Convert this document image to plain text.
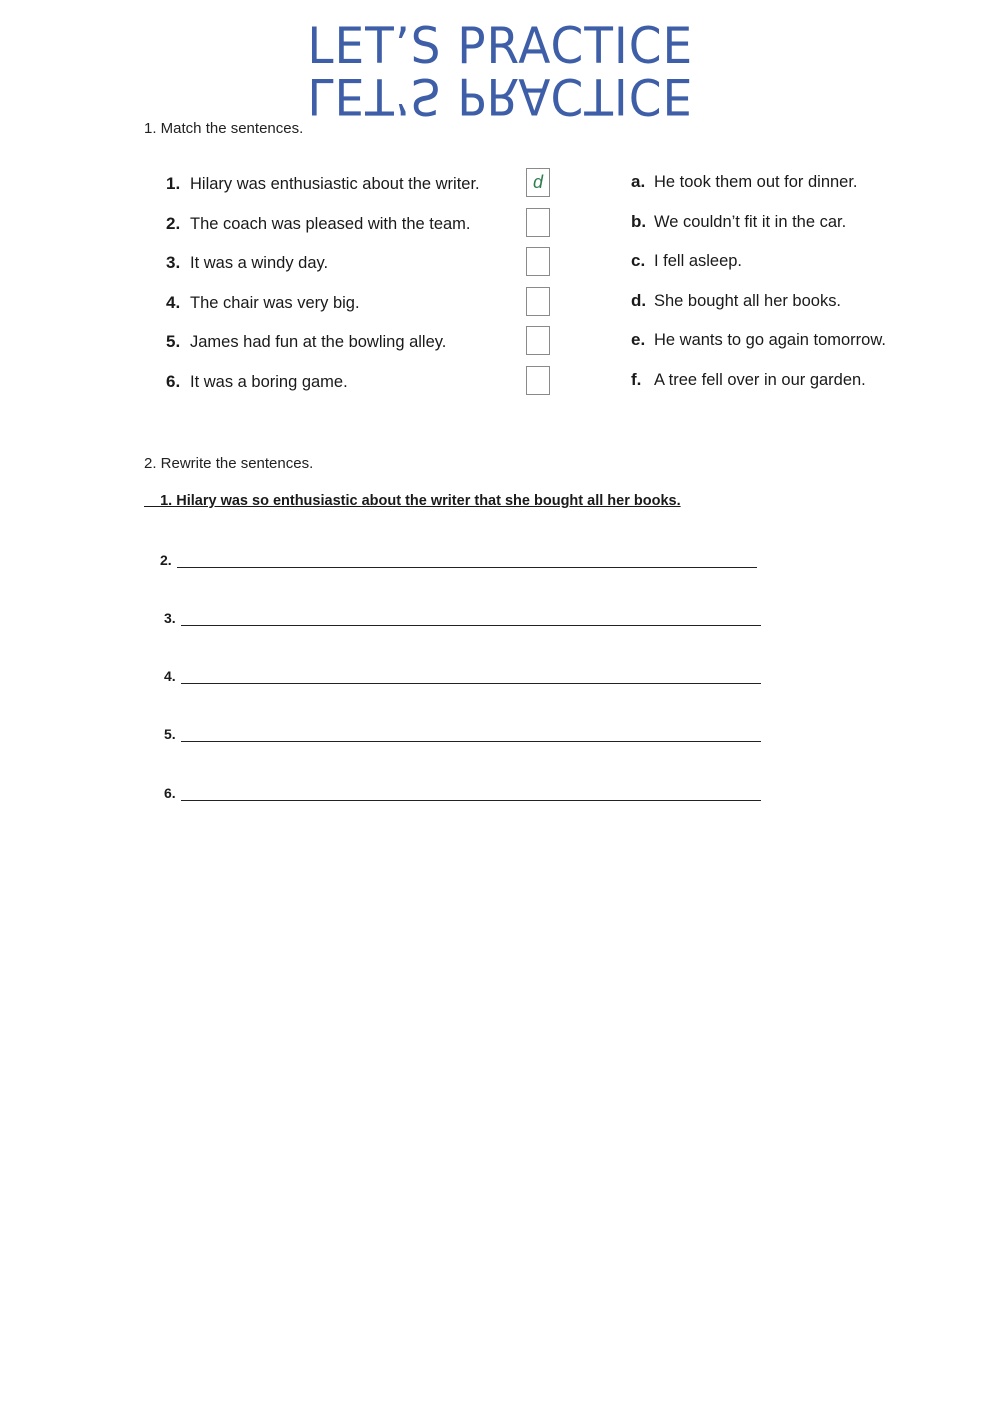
LET’S PRACTICE
1. Match the sentences.
1. Hilary was enthusiastic about the writer.	d	a. He took them out for dinner.
2. The coach was pleased with the team.	b. We couldn’t fit it in the car.
3. It was a windy day.	c. I fell asleep.
4. The chair was very big.	d. She bought all her books.
5. James had fun at the bowling alley.	e. He wants to go again tomorrow.
6. It was a boring game.	f. A tree fell over in our garden.
2. Rewrite the sentences.
1. Hilary was so enthusiastic about the writer that she bought all her books.
2.
3.
4.
5.
6.
